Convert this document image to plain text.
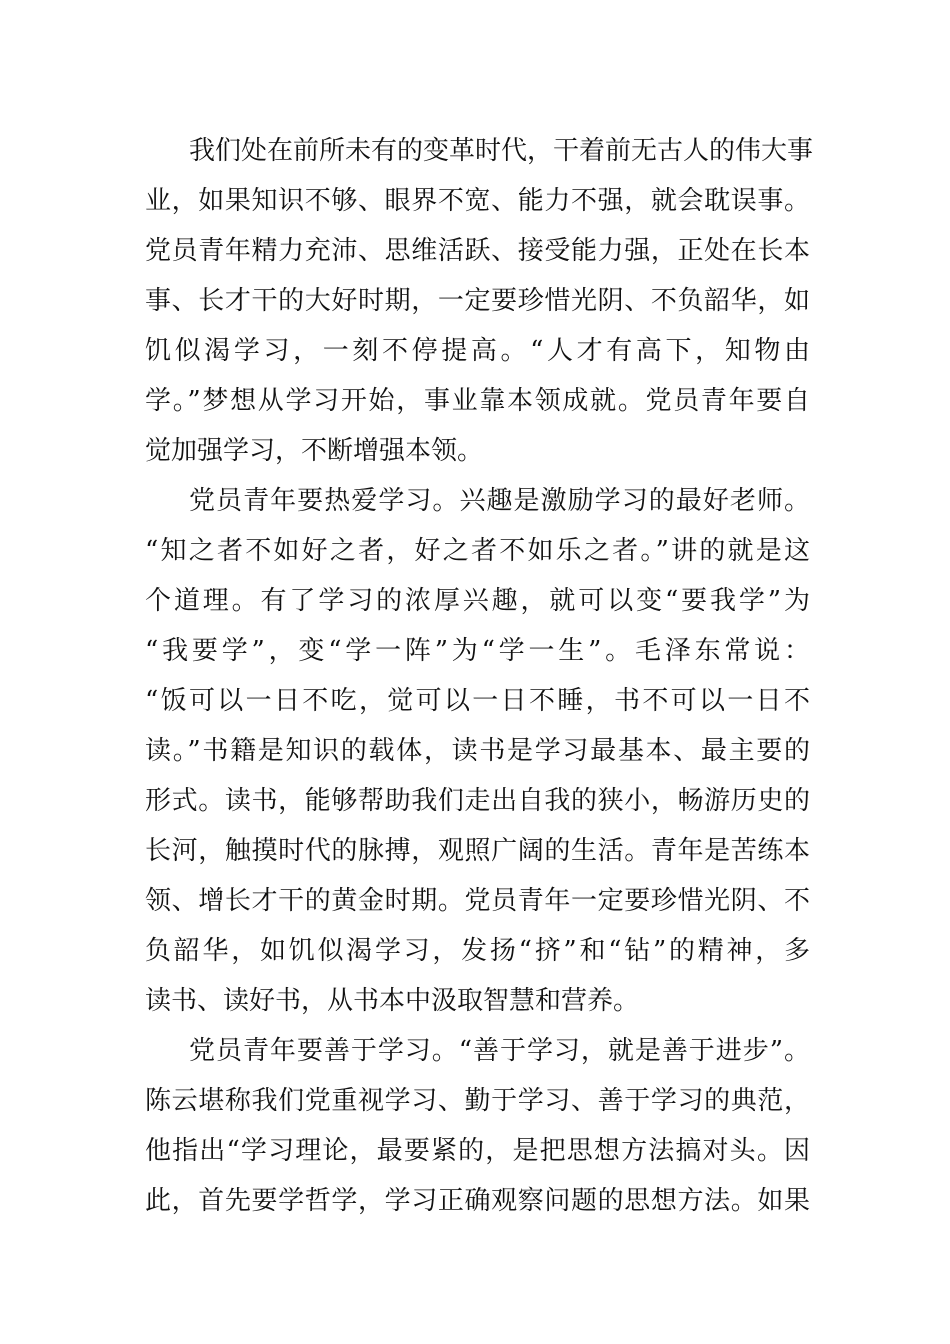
我们处在前所未有的变革时代，干着前无古人的伟大事
业，如果知识不够、眼界不宽、能力不强，就会耽误事。
党员青年精力充沛、思维活跃、接受能力强，正处在长本
事、长才干的大好时期，一定要珍惜光阴、不负韶华，如
饥似渴学习，一刻不停提高。“人才有高下，知物由
学。”梦想从学习开始，事业靠本领成就。党员青年要自
觉加强学习，不断增强本领。
党员青年要热爱学习。兴趣是激励学习的最好老师。
“知之者不如好之者，好之者不如乐之者。”讲的就是这
个道理。有了学习的浓厚兴趣，就可以变“要我学”为
“我要学”，变“学一阵”为“学一生”。毛泽东常说：
“饭可以一日不吃，觉可以一日不睡，书不可以一日不
读。”书籍是知识的载体，读书是学习最基本、最主要的
形式。读书，能够帮助我们走出自我的狭小，畅游历史的
长河，触摸时代的脉搏，观照广阔的生活。青年是苦练本
领、增长才干的黄金时期。党员青年一定要珍惜光阴、不
负韶华，如饥似渴学习，发扬“挤”和“钻”的精神，多
读书、读好书，从书本中汲取智慧和营养。
党员青年要善于学习。“善于学习，就是善于进步”。
陈云堪称我们党重视学习、勤于学习、善于学习的典范，
他指出“学习理论，最要紧的，是把思想方法搞对头。因
此，首先要学哲学，学习正确观察问题的思想方法。如果
